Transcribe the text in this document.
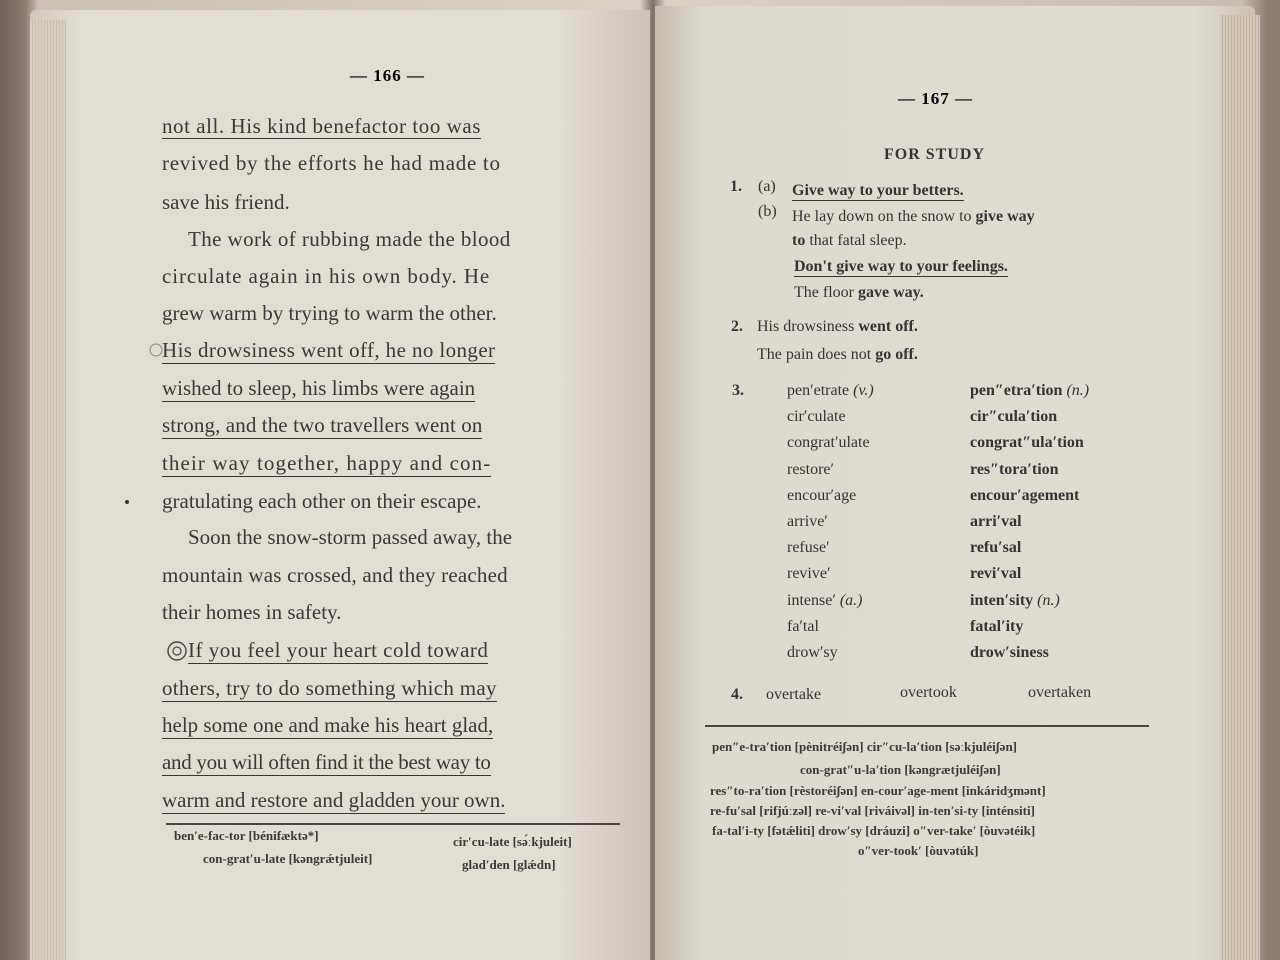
— 166 —
not all. His kind benefactor too was
revived by the efforts he had made to
save his friend.
The work of rubbing made the blood
circulate again in his own body. He
grew warm by trying to warm the other.
His drowsiness went off, he no longer
wished to sleep, his limbs were again
strong, and the two travellers went on
their way together, happy and con-
gratulating each other on their escape.
Soon the snow-storm passed away, the
mountain was crossed, and they reached
their homes in safety.
If you feel your heart cold toward
others, try to do something which may
help some one and make his heart glad,
and you will often find it the best way to
warm and restore and gladden your own.
ben′e-fac-tor [bénifæktə*]	cir′cu-late [sə́ːkjuleit]
con-grat′u-late [kəngrǽtjuleit]	glad′den [glǽdn]
— 167 —
FOR STUDY
1. (a) Give way to your betters.
(b) He lay down on the snow to give way
to that fatal sleep.
Don't give way to your feelings.
The floor gave way.
2. His drowsiness went off.
The pain does not go off.
3.	pen′etrate (v.)	pen″etra′tion (n.)
cir′culate	cir″cula′tion
congrat′ulate	congrat″ula′tion
restore′	res″tora′tion
encour′age	encour′agement
arrive′	arri′val
refuse′	refu′sal
revive′	revi′val
intense′ (a.)	inten′sity (n.)
fa′tal	fatal′ity
drow′sy	drow′siness
4. overtake	overtook	overtaken
pen″e-tra′tion [pènitréiʃən] cir″cu-la′tion [səːkjuléiʃən]
con-grat″u-la′tion [kəngrætjuléiʃən]
res″to-ra′tion [rèstoréiʃən] en-cour′age-ment [inkáridʒmənt]
re-fu′sal [rifjúːzəl] re-vi′val [riváivəl] in-ten′si-ty [inténsiti]
fa-tal′i-ty [fətǽliti] drow′sy [dráuzi] o″ver-take′ [òuvətéik]
o″ver-took′ [òuvətúk]
